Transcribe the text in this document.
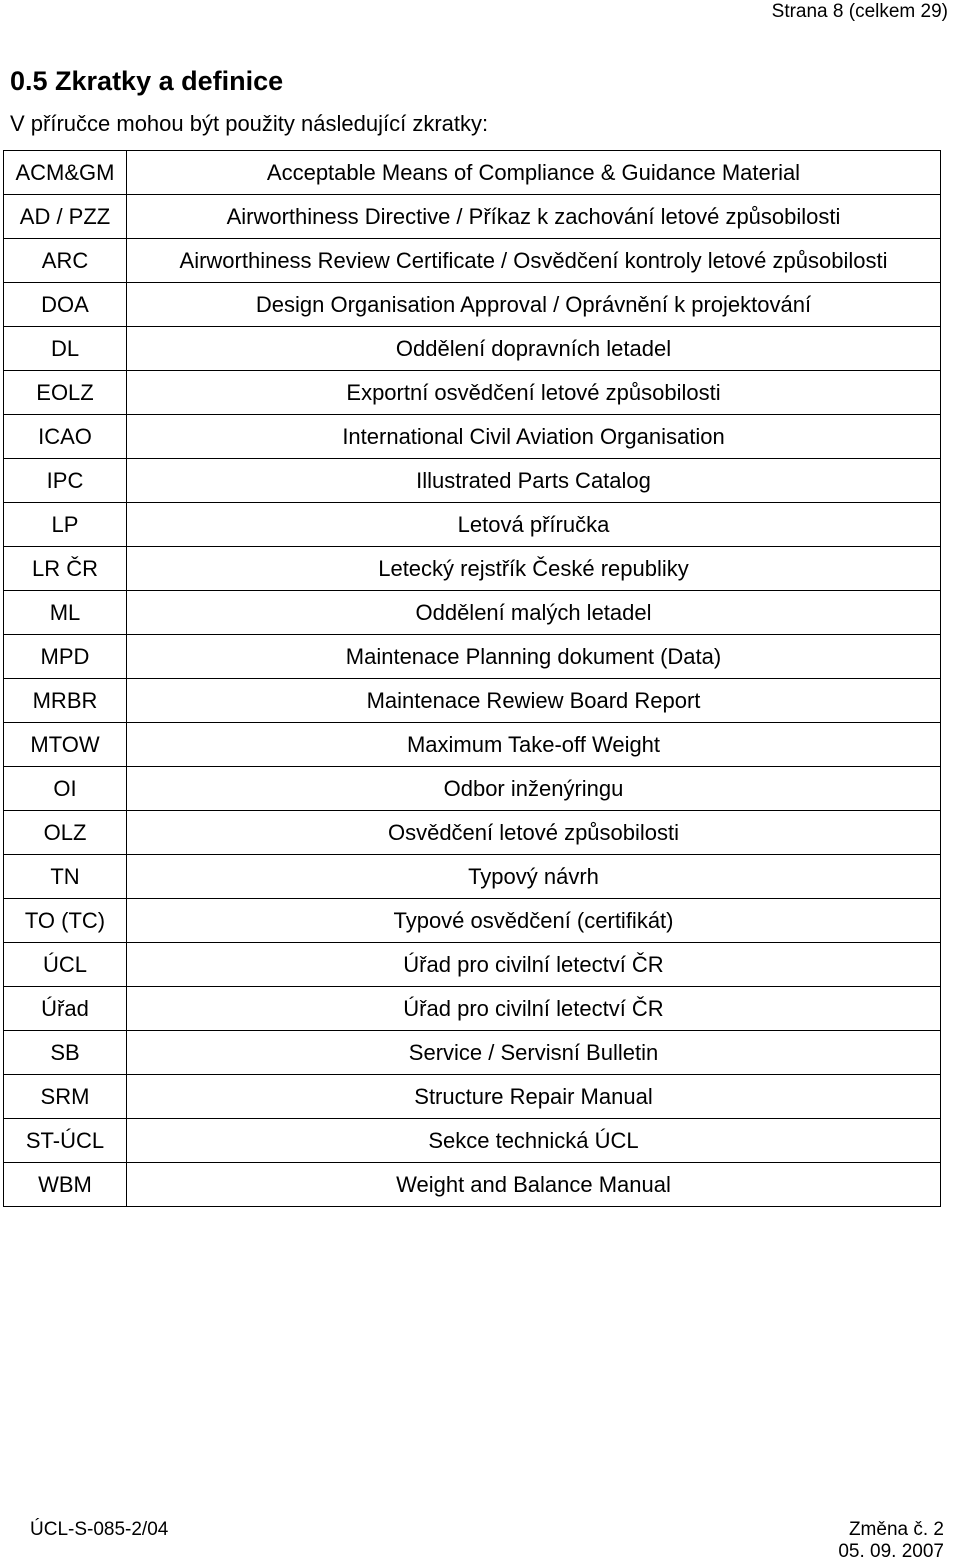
Strana 8 (celkem 29)
0.5 Zkratky a definice
V příručce mohou být použity následující zkratky:
ACM&GM	Acceptable Means of Compliance & Guidance Material
AD / PZZ	Airworthiness Directive / Příkaz k zachování letové způsobilosti
ARC	Airworthiness Review Certificate / Osvědčení kontroly letové způsobilosti
DOA	Design Organisation Approval / Oprávnění k projektování
DL	Oddělení dopravních letadel
EOLZ	Exportní osvědčení letové způsobilosti
ICAO	International Civil Aviation Organisation
IPC	Illustrated Parts Catalog
LP	Letová příručka
LR ČR	Letecký rejstřík České republiky
ML	Oddělení malých letadel
MPD	Maintenace Planning dokument (Data)
MRBR	Maintenace Rewiew Board Report
MTOW	Maximum Take-off Weight
OI	Odbor inženýringu
OLZ	Osvědčení letové způsobilosti
TN	Typový návrh
TO (TC)	Typové osvědčení (certifikát)
ÚCL	Úřad pro civilní letectví ČR
Úřad	Úřad pro civilní letectví ČR
SB	Service / Servisní Bulletin
SRM	Structure Repair Manual
ST-ÚCL	Sekce technická ÚCL
WBM	Weight and Balance Manual
ÚCL-S-085-2/04	Změna č. 2
05. 09. 2007
